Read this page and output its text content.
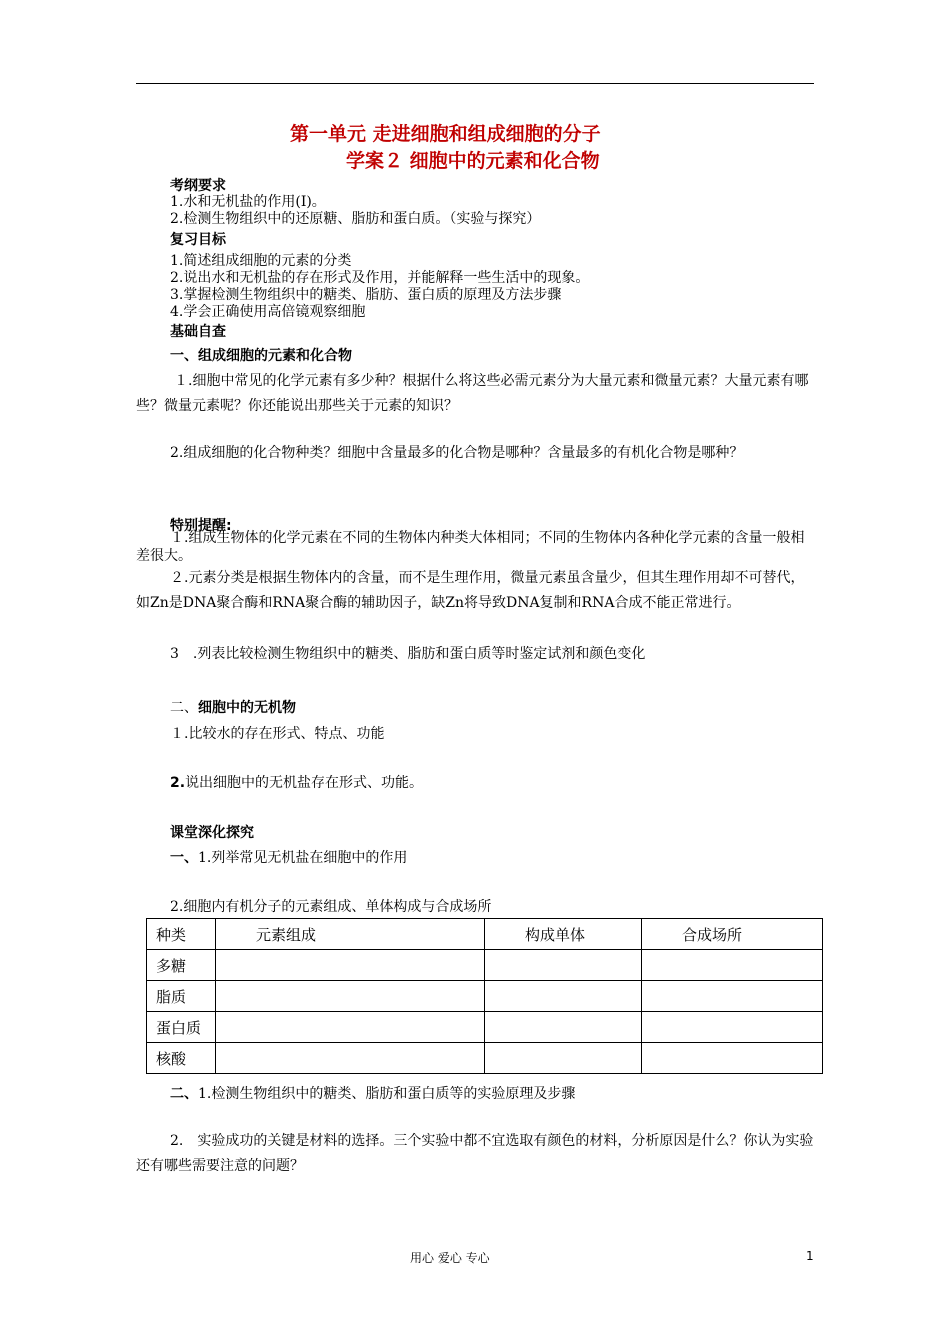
第一单元 走进细胞和组成细胞的分子
学案２ 细胞中的元素和化合物
考纲要求
1.水和无机盐的作用(Ⅰ)。
2.检测生物组织中的还原糖、脂肪和蛋白质。（实验与探究）
复习目标
1.简述组成细胞的元素的分类
2.说出水和无机盐的存在形式及作用，并能解释一些生活中的现象。
3.掌握检测生物组织中的糖类、脂肪、蛋白质的原理及方法步骤
4.学会正确使用高倍镜观察细胞
基础自查
一、组成细胞的元素和化合物
１.细胞中常见的化学元素有多少种？根据什么将这些必需元素分为大量元素和微量元素？大量元素有哪些？微量元素呢？你还能说出那些关于元素的知识？
2.组成细胞的化合物种类？细胞中含量最多的化合物是哪种？含量最多的有机化合物是哪种？
特别提醒:
１.组成生物体的化学元素在不同的生物体内种类大体相同；不同的生物体内各种化学元素的含量一般相差很大。
２.元素分类是根据生物体内的含量，而不是生理作用，微量元素虽含量少，但其生理作用却不可替代，如Zn是DNA聚合酶和RNA聚合酶的辅助因子，缺Zn将导致DNA复制和RNA合成不能正常进行。
3　.列表比较检测生物组织中的糖类、脂肪和蛋白质等时鉴定试剂和颜色变化
二、细胞中的无机物
１.比较水的存在形式、特点、功能
2.说出细胞中的无机盐存在形式、功能。
课堂深化探究
一、1.列举常见无机盐在细胞中的作用
2.细胞内有机分子的元素组成、单体构成与合成场所
种类	元素组成	构成单体	合成场所
多糖			
脂质			
蛋白质			
核酸			
二、1.检测生物组织中的糖类、脂肪和蛋白质等的实验原理及步骤
2.　实验成功的关键是材料的选择。三个实验中都不宜选取有颜色的材料，分析原因是什么？你认为实验还有哪些需要注意的问题？
用心 爱心 专心	1
